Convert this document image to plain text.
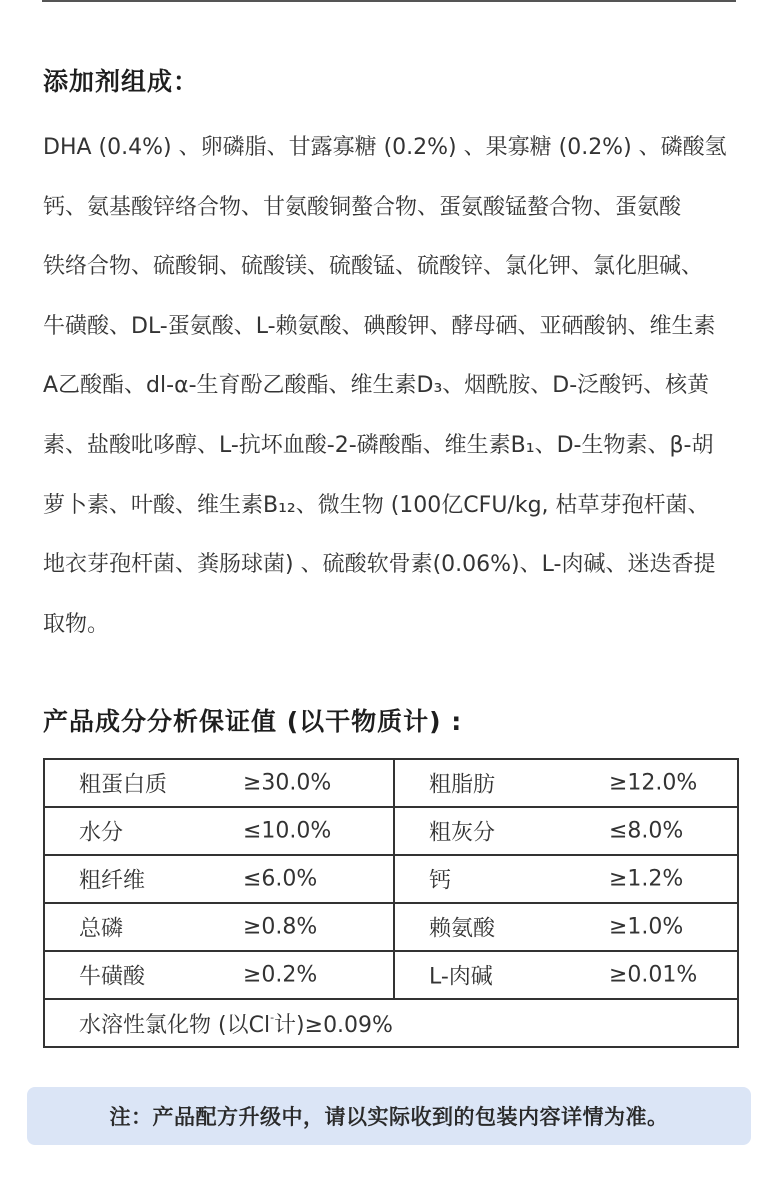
添加剂组成：
DHA (0.4%) 、卵磷脂、甘露寡糖 (0.2%) 、果寡糖 (0.2%) 、磷酸氢
钙、氨基酸锌络合物、甘氨酸铜螯合物、蛋氨酸锰螯合物、蛋氨酸
铁络合物、硫酸铜、硫酸镁、硫酸锰、硫酸锌、氯化钾、氯化胆碱、
牛磺酸、DL-蛋氨酸、L-赖氨酸、碘酸钾、酵母硒、亚硒酸钠、维生素
A乙酸酯、dl-α-生育酚乙酸酯、维生素D₃、烟酰胺、D-泛酸钙、核黄
素、盐酸吡哆醇、L-抗坏血酸-2-磷酸酯、维生素B₁、D-生物素、β-胡
萝卜素、叶酸、维生素B₁₂、微生物 (100亿CFU/kg, 枯草芽孢杆菌、
地衣芽孢杆菌、粪肠球菌) 、硫酸软骨素(0.06%)、L-肉碱、迷迭香提
取物。
产品成分分析保证值 (以干物质计) :
粗蛋白质 ≥30.0%	粗脂肪 ≥12.0%

水分 ≤10.0%	粗灰分 ≤8.0%

粗纤维 ≤6.0%	钙 ≥1.2%

总磷 ≥0.8%	赖氨酸 ≥1.0%

牛磺酸 ≥0.2%	L-肉碱 ≥0.01%

水溶性氯化物 (以Cl-计)≥0.09%	
注：产品配方升级中，请以实际收到的包装内容详情为准。
